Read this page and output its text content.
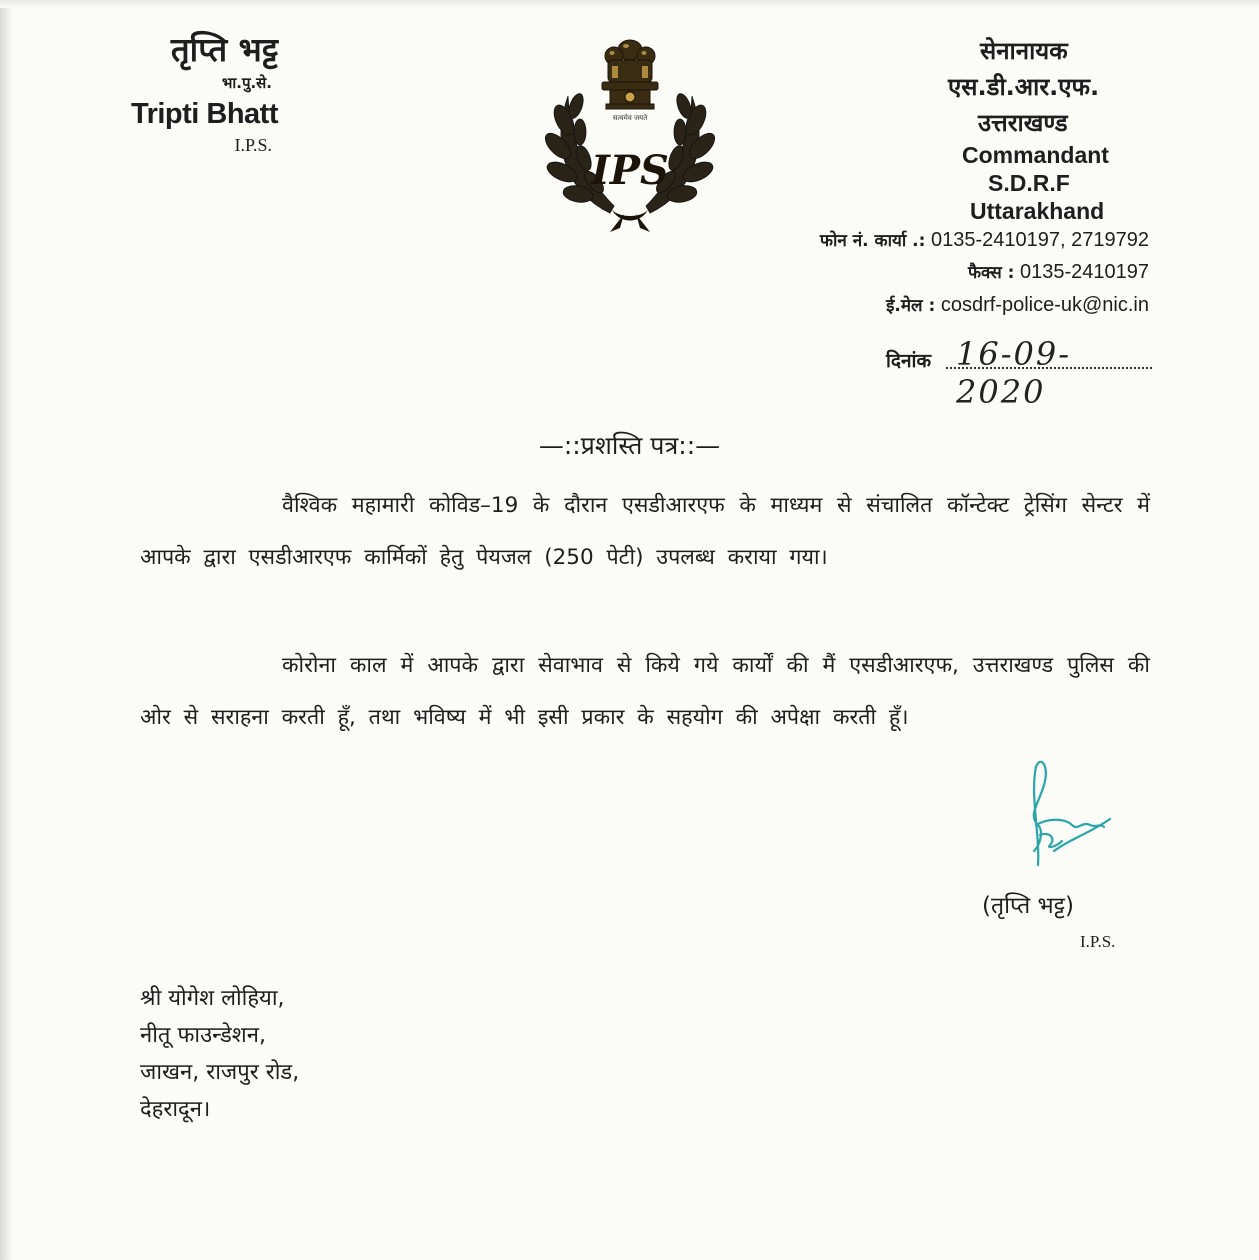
तृप्ति भट्ट
भा.पु.से.
Tripti Bhatt
I.P.S.
सत्यमेव जयते
IPS
सेनानायक
एस.डी.आर.एफ.
उत्तराखण्ड
Commandant
S.D.R.F
Uttarakhand
फोन नं. कार्या .: 0135-2410197, 2719792
फैक्स : 0135-2410197
ई.मेल : cosdrf-police-uk@nic.in
दिनांक 16-09-2020
—::प्रशस्ति पत्र::—
वैश्विक महामारी कोविड–19 के दौरान एसडीआरएफ के माध्यम से संचालित कॉन्टेक्ट ट्रेसिंग सेन्टर में आपके द्वारा एसडीआरएफ कार्मिकों हेतु पेयजल (250 पेटी) उपलब्ध कराया गया।
कोरोना काल में आपके द्वारा सेवाभाव से किये गये कार्यों की मैं एसडीआरएफ, उत्तराखण्ड पुलिस की ओर से सराहना करती हूँ, तथा भविष्य में भी इसी प्रकार के सहयोग की अपेक्षा करती हूँ।
(तृप्ति भट्ट)
I.P.S.
श्री योगेश लोहिया,
नीतू फाउन्डेशन,
जाखन, राजपुर रोड,
देहरादून।
